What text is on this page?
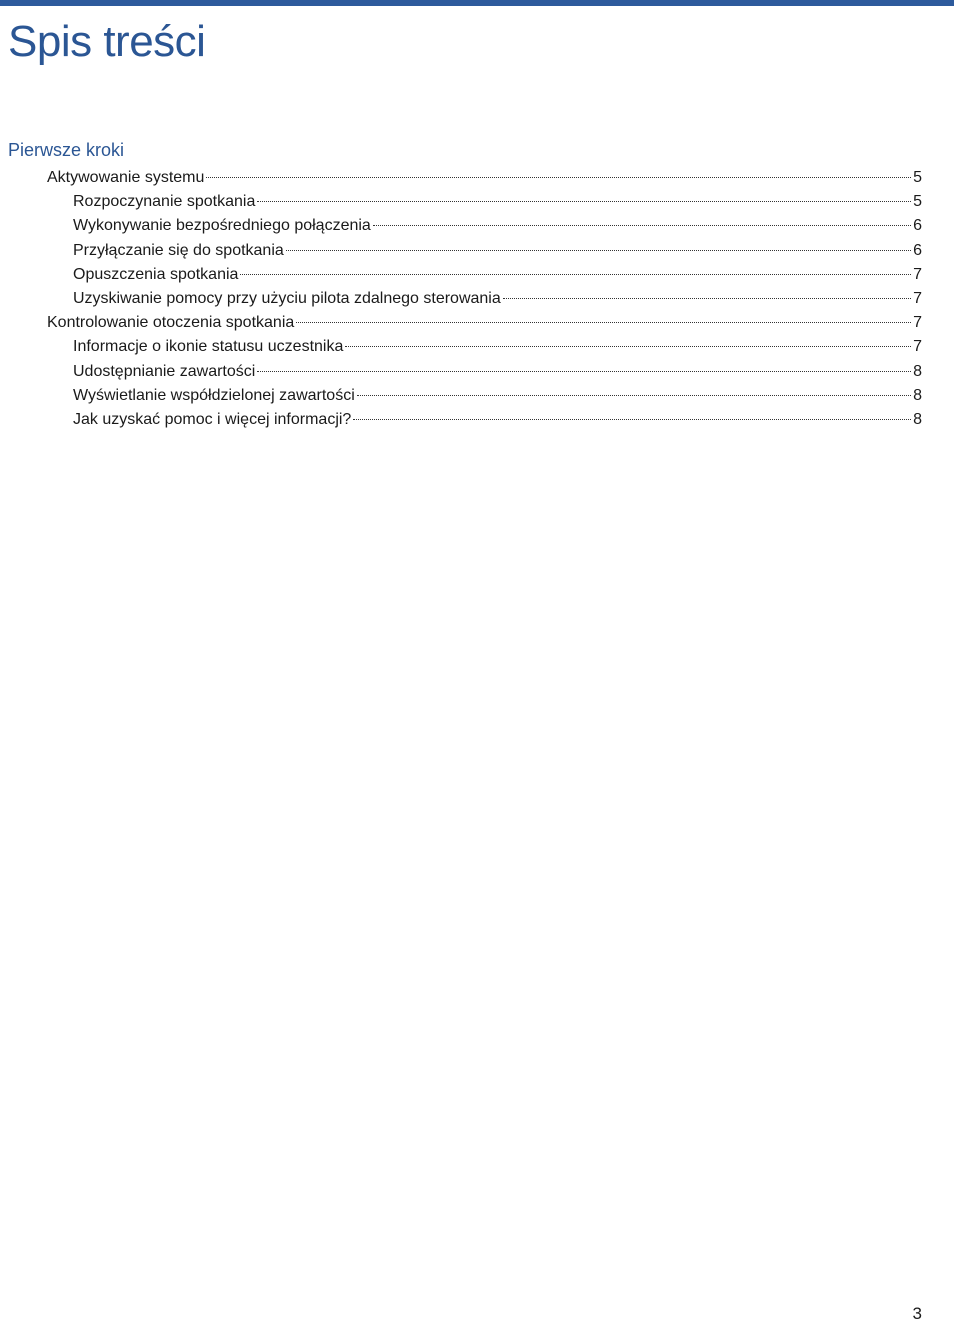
Spis treści
Pierwsze kroki
Aktywowanie systemu	5
Rozpoczynanie spotkania	5
Wykonywanie bezpośredniego połączenia	6
Przyłączanie się do spotkania	6
Opuszczenia spotkania	7
Uzyskiwanie pomocy przy użyciu pilota zdalnego sterowania	7
Kontrolowanie otoczenia spotkania	7
Informacje o ikonie statusu uczestnika	7
Udostępnianie zawartości	8
Wyświetlanie współdzielonej zawartości	8
Jak uzyskać pomoc i więcej informacji?	8
3
